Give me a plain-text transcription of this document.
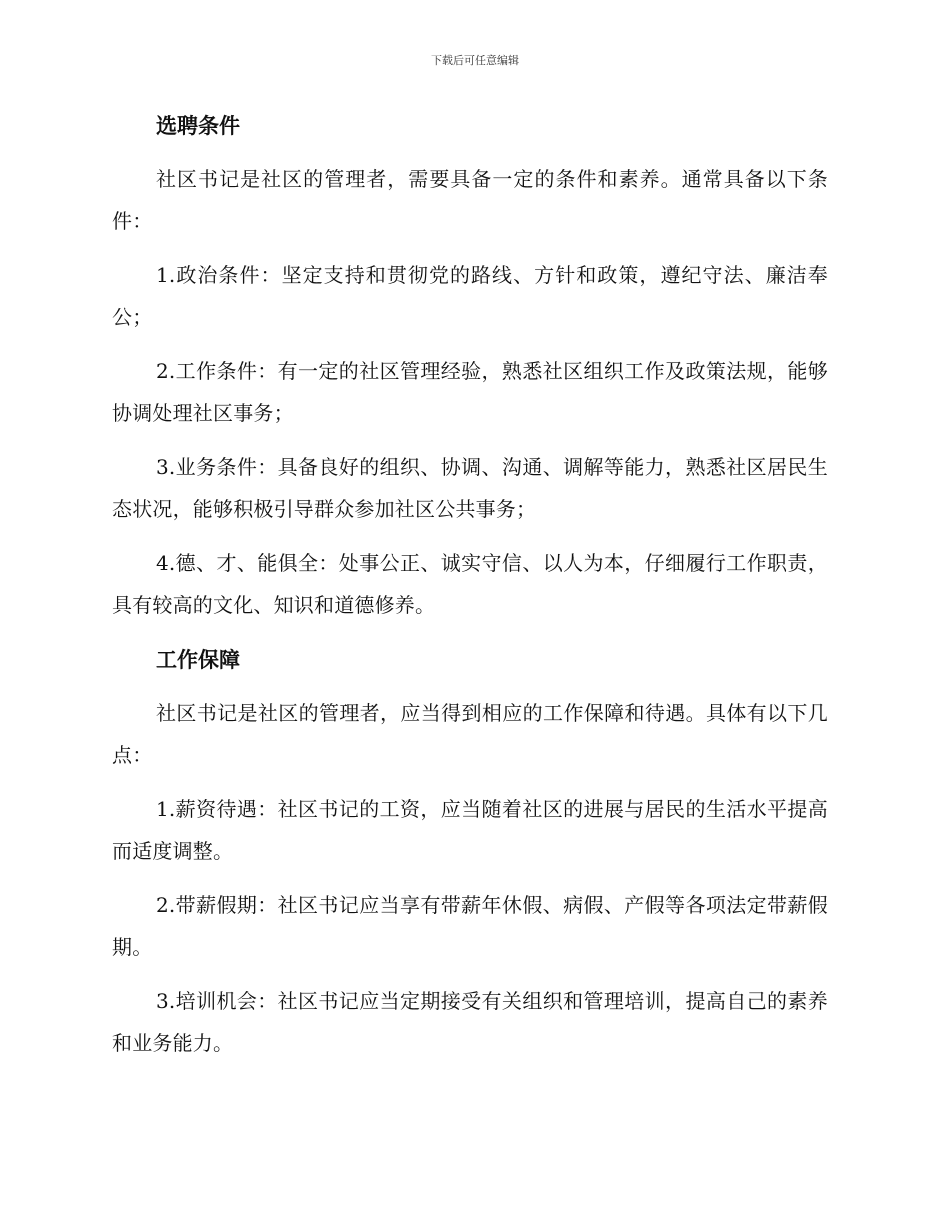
下载后可任意编辑
选聘条件

社区书记是社区的管理者，需要具备一定的条件和素养。通常具备以下条件：

1.政治条件：坚定支持和贯彻党的路线、方针和政策，遵纪守法、廉洁奉公；

2.工作条件：有一定的社区管理经验，熟悉社区组织工作及政策法规，能够协调处理社区事务；

3.业务条件：具备良好的组织、协调、沟通、调解等能力，熟悉社区居民生态状况，能够积极引导群众参加社区公共事务；

4.德、才、能俱全：处事公正、诚实守信、以人为本，仔细履行工作职责，具有较高的文化、知识和道德修养。

工作保障

社区书记是社区的管理者，应当得到相应的工作保障和待遇。具体有以下几点：

1.薪资待遇：社区书记的工资，应当随着社区的进展与居民的生活水平提高而适度调整。

2.带薪假期：社区书记应当享有带薪年休假、病假、产假等各项法定带薪假期。

3.培训机会：社区书记应当定期接受有关组织和管理培训，提高自己的素养和业务能力。
